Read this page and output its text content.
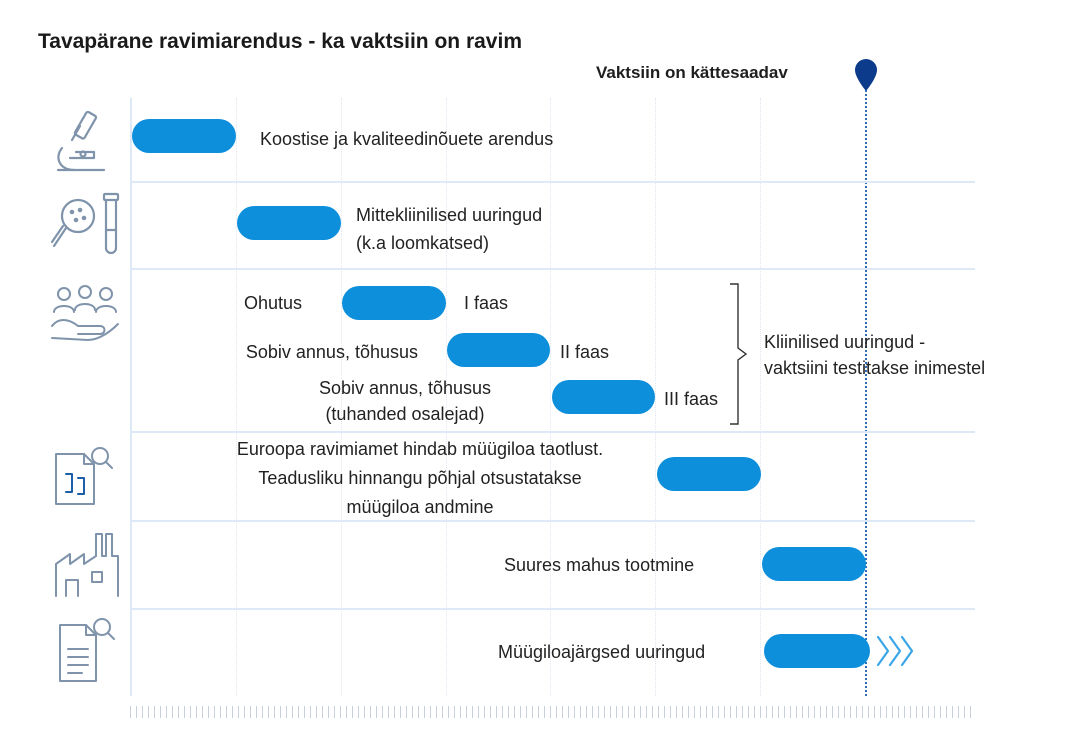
Tavapärane ravimiarendus - ka vaktsiin on ravim
Vaktsiin on kättesaadav
Koostise ja kvaliteedinõuete arendus
Mittekliinilised uuringud
(k.a loomkatsed)
Ohutus	I faas
Sobiv annus, tõhusus	II faas
Sobiv annus, tõhusus
(tuhanded osalejad)
III faas
Kliinilised uuringud -
vaktsiini testitakse inimestel
Euroopa ravimiamet hindab müügiloa taotlust.
Teadusliku hinnangu põhjal otsustatakse
müügiloa andmine
Suures mahus tootmine
Müügiloajärgsed uuringud
